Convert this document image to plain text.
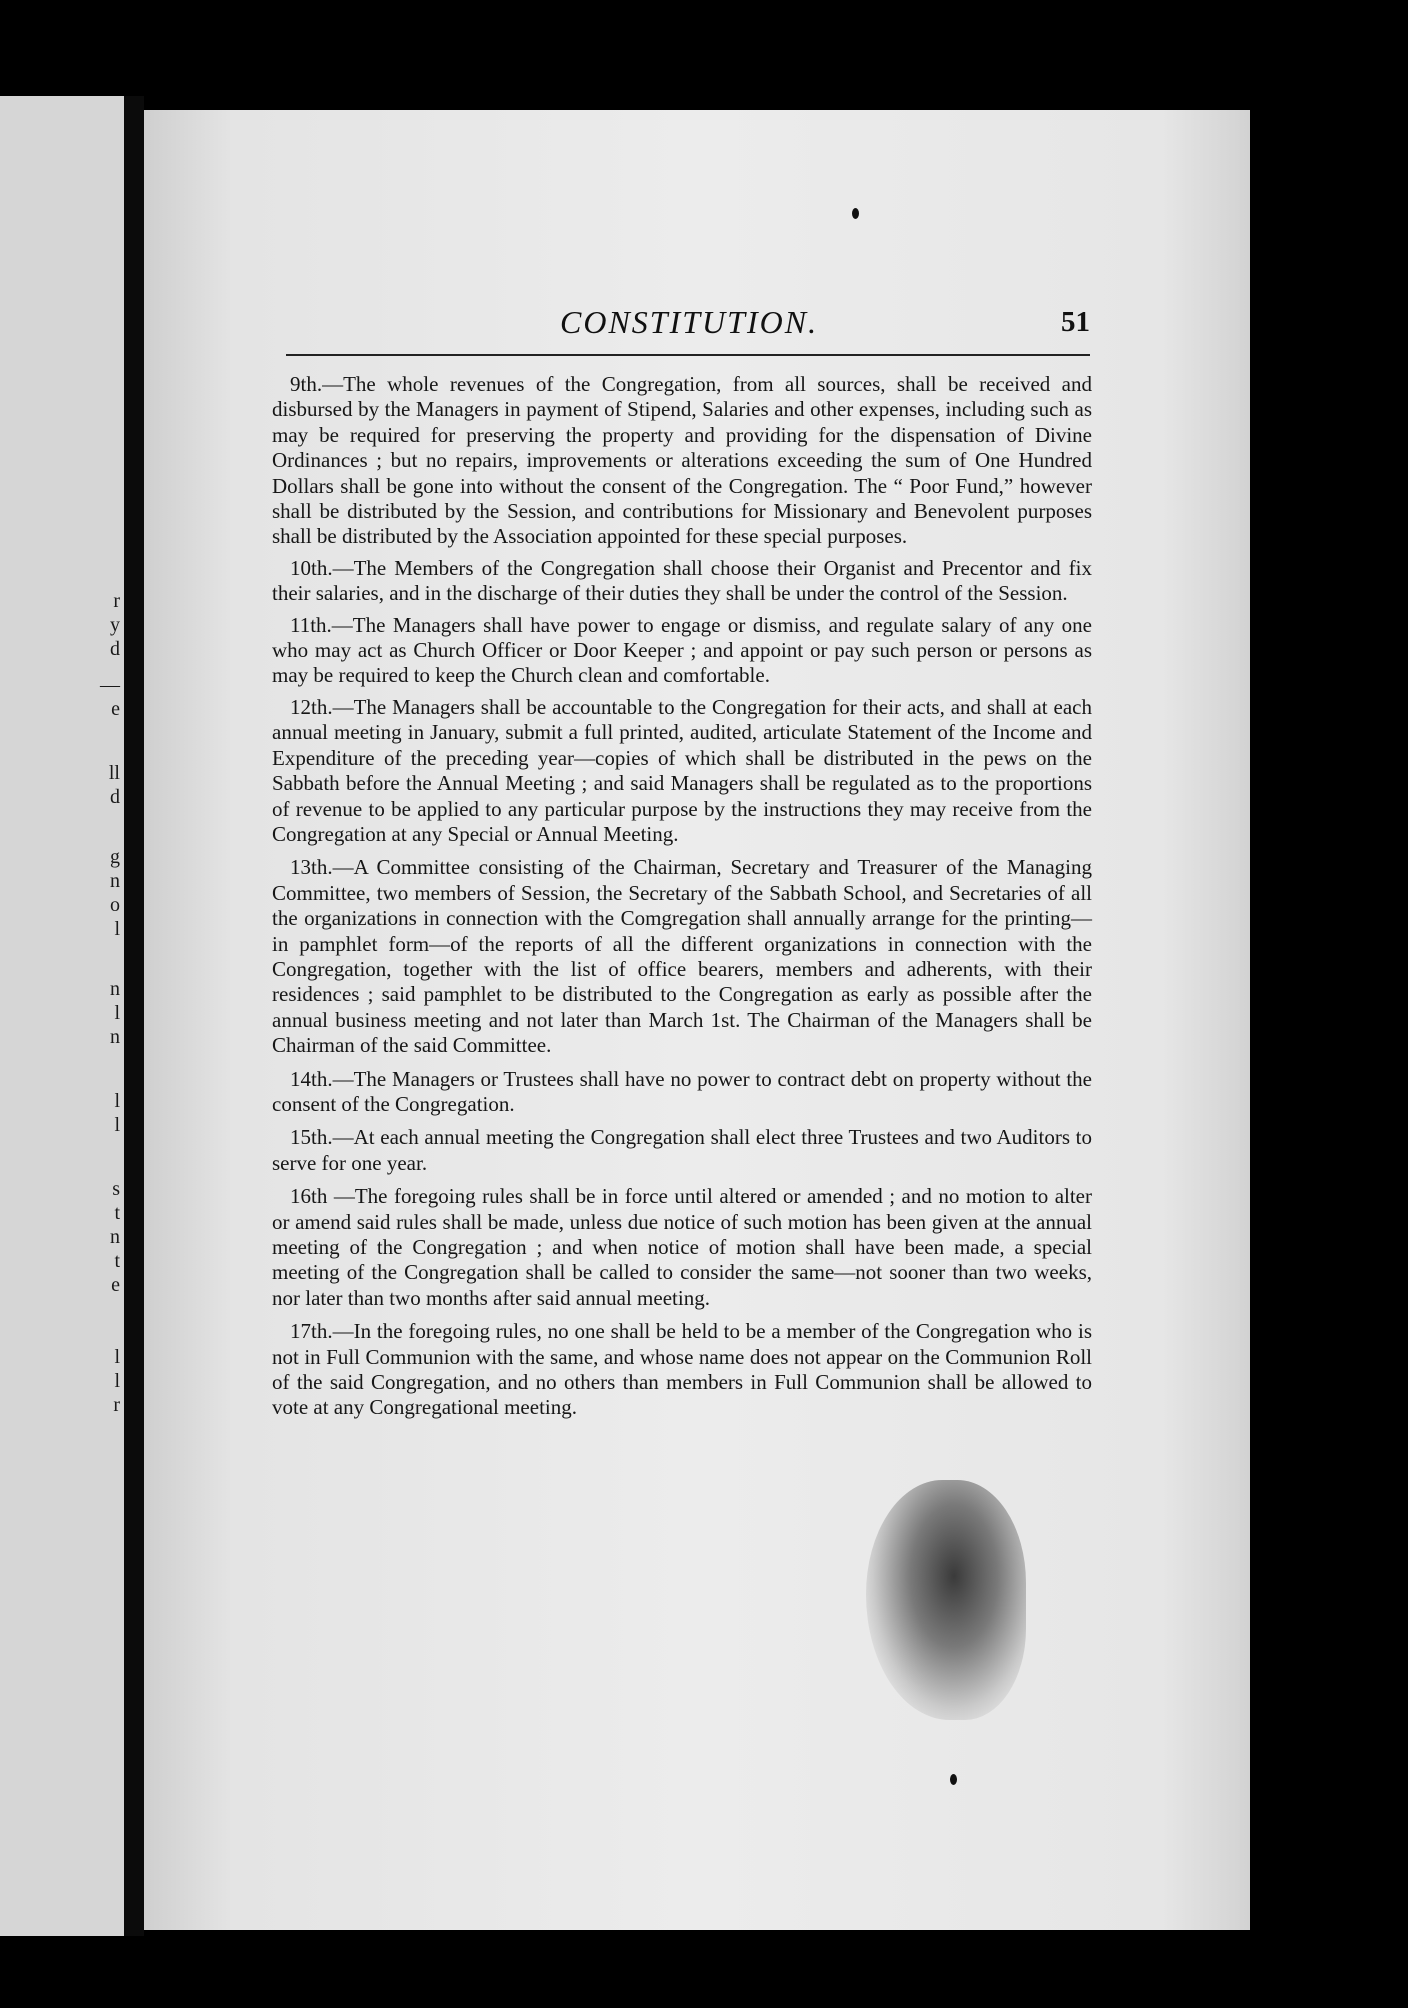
r
y
d
—
e
ll
d
g
n
o
l
n
l
n
l
l
s
t
n
t
e
l
l
r
CONSTITUTION.	51

9th.—The whole revenues of the Congregation, from all sources, shall be received and disbursed by the Managers in payment of Stipend, Salaries and other expenses, including such as may be required for preserving the property and providing for the dispensation of Divine Ordinances ; but no repairs, improvements or alterations exceeding the sum of One Hundred Dollars shall be gone into without the consent of the Congregation. The “ Poor Fund,” however shall be distributed by the Session, and contributions for Missionary and Benevolent purposes shall be distributed by the Association appointed for these special purposes.

10th.—The Members of the Congregation shall choose their Organist and Precentor and fix their salaries, and in the discharge of their duties they shall be under the control of the Session.

11th.—The Managers shall have power to engage or dismiss, and regulate salary of any one who may act as Church Officer or Door Keeper ; and appoint or pay such person or persons as may be required to keep the Church clean and comfortable.

12th.—The Managers shall be accountable to the Congregation for their acts, and shall at each annual meeting in January, submit a full printed, audited, articulate Statement of the Income and Expenditure of the preceding year—copies of which shall be distributed in the pews on the Sabbath before the Annual Meeting ; and said Managers shall be regulated as to the proportions of revenue to be applied to any particular purpose by the instructions they may receive from the Congregation at any Special or Annual Meeting.

13th.—A Committee consisting of the Chairman, Secretary and Treasurer of the Managing Committee, two members of Session, the Secretary of the Sabbath School, and Secretaries of all the organizations in connection with the Comgregation shall annually arrange for the printing—in pamphlet form—of the reports of all the different organizations in connection with the Congregation, together with the list of office bearers, members and adherents, with their residences ; said pamphlet to be distributed to the Congregation as early as possible after the annual business meeting and not later than March 1st. The Chairman of the Managers shall be Chairman of the said Committee.

14th.—The Managers or Trustees shall have no power to contract debt on property without the consent of the Congregation.

15th.—At each annual meeting the Congregation shall elect three Trustees and two Auditors to serve for one year.

16th —The foregoing rules shall be in force until altered or amended ; and no motion to alter or amend said rules shall be made, unless due notice of such motion has been given at the annual meeting of the Congregation ; and when notice of motion shall have been made, a special meeting of the Congregation shall be called to consider the same—not sooner than two weeks, nor later than two months after said annual meeting.

17th.—In the foregoing rules, no one shall be held to be a member of the Congregation who is not in Full Communion with the same, and whose name does not appear on the Communion Roll of the said Congregation, and no others than members in Full Communion shall be allowed to vote at any Congregational meeting.
